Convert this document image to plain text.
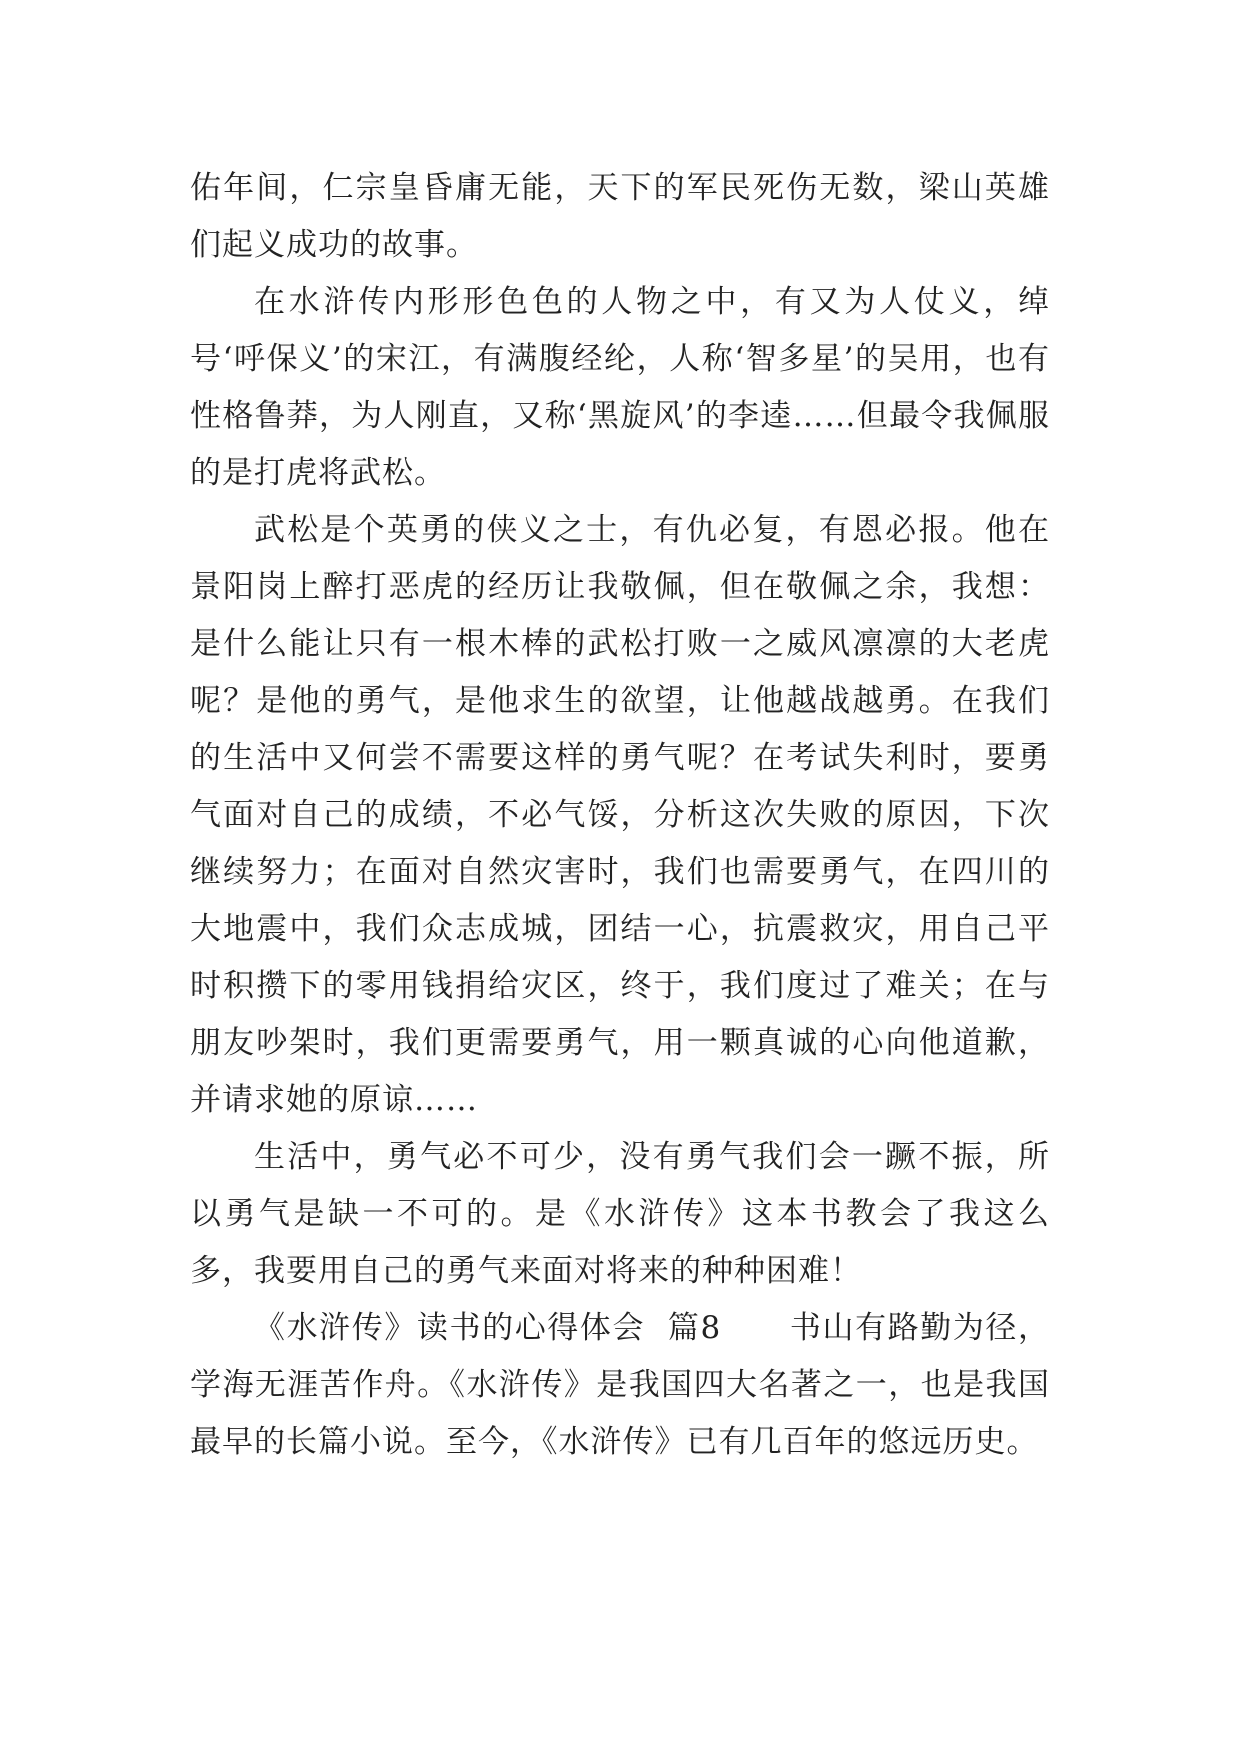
佑年间，仁宗皇昏庸无能，天下的军民死伤无数，梁山英雄们起义成功的故事。

在水浒传内形形色色的人物之中，有又为人仗义，绰号‘呼保义’的宋江，有满腹经纶，人称‘智多星’的吴用，也有性格鲁莽，为人刚直，又称‘黑旋风’的李逵……但最令我佩服的是打虎将武松。

武松是个英勇的侠义之士，有仇必复，有恩必报。他在景阳岗上醉打恶虎的经历让我敬佩，但在敬佩之余，我想：是什么能让只有一根木棒的武松打败一之威风凛凛的大老虎呢？是他的勇气，是他求生的欲望，让他越战越勇。在我们的生活中又何尝不需要这样的勇气呢？在考试失利时，要勇气面对自己的成绩，不必气馁，分析这次失败的原因，下次继续努力；在面对自然灾害时，我们也需要勇气，在四川的大地震中，我们众志成城，团结一心，抗震救灾，用自己平时积攒下的零用钱捐给灾区，终于，我们度过了难关；在与朋友吵架时，我们更需要勇气，用一颗真诚的心向他道歉，并请求她的原谅……

生活中，勇气必不可少，没有勇气我们会一蹶不振，所以勇气是缺一不可的。是《水浒传》这本书教会了我这么多，我要用自己的勇气来面对将来的种种困难！

《水浒传》读书的心得体会  篇8 书山有路勤为径，学海无涯苦作舟。《水浒传》是我国四大名著之一，也是我国最早的长篇小说。至今，《水浒传》已有几百年的悠远历史。
